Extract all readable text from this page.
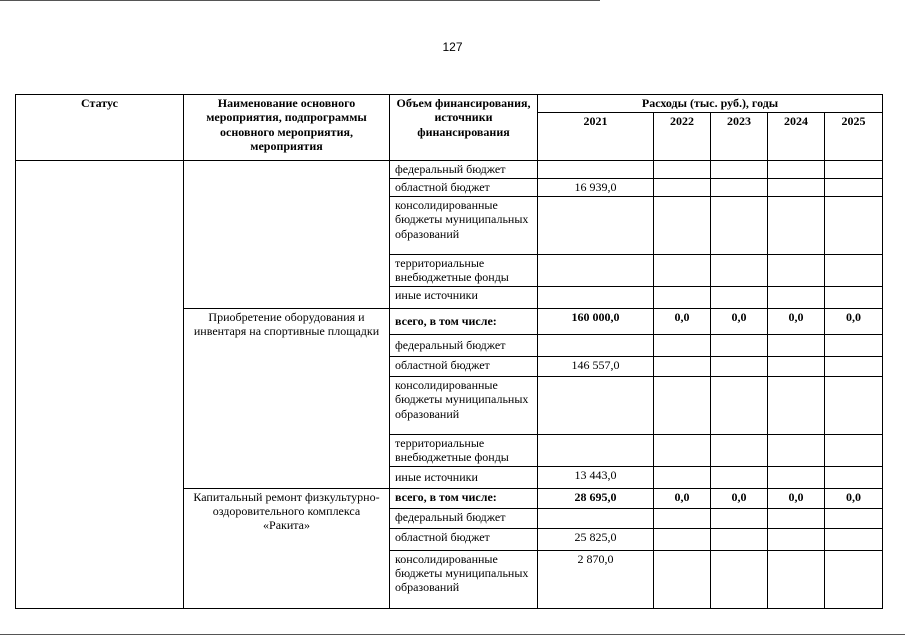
127
Статус	Наименование основного мероприятия, подпрограммы основного мероприятия, мероприятия	Объем финансирования, источники финансирования	Расходы (тыс. руб.), годы				
			2021	2022	2023	2024	2025
		федеральный бюджет					
		областной бюджет	16 939,0				
		консолидированные бюджеты муниципальных образований					
		территориальные внебюджетные фонды					
		иные источники					
	Приобретение оборудования и инвентаря на спортивные площадки	всего, в том числе:	160 000,0	0,0	0,0	0,0	0,0
		федеральный бюджет					
		областной бюджет	146 557,0				
		консолидированные бюджеты муниципальных образований					
		территориальные внебюджетные фонды					
		иные источники	13 443,0				
	Капитальный ремонт физкультурно-оздоровительного комплекса «Ракита»	всего, в том числе:	28 695,0	0,0	0,0	0,0	0,0
		федеральный бюджет					
		областной бюджет	25 825,0				
		консолидированные бюджеты муниципальных образований	2 870,0				
